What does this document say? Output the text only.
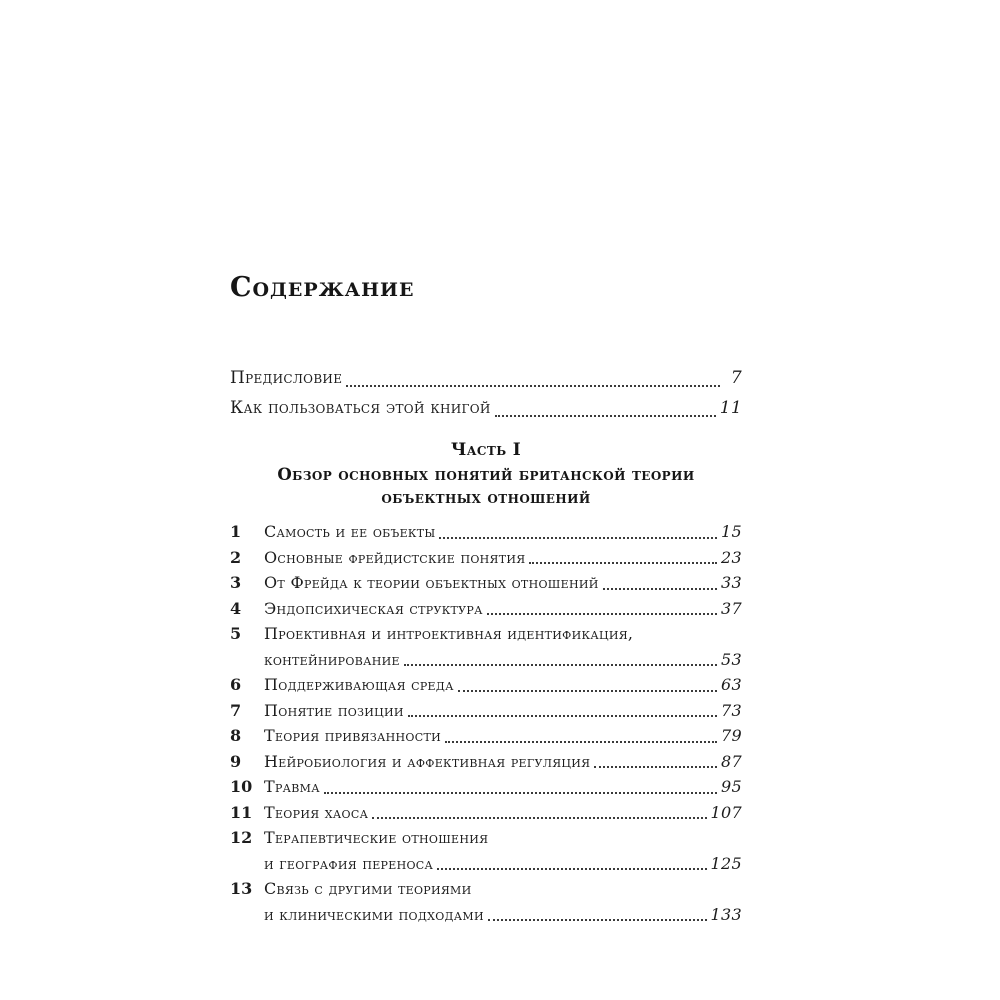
Содержание
Предисловие	7
Как пользоваться этой книгой	11
Часть I
Обзор основных понятий британской теории
объектных отношений
1	Самость и ее объекты	15
2	Основные фрейдистские понятия	23
3	От Фрейда к теории объектных отношений	33
4	Эндопсихическая структура	37
5	Проективная и интроективная идентификация,
контейнирование	53
6	Поддерживающая среда	63
7	Понятие позиции	73
8	Теория привязанности	79
9	Нейробиология и аффективная регуляция	87
10 Травма	95
11 Теория хаоса	107
12 Терапевтические отношения
и география переноса	125
13 Связь с другими теориями
и клиническими подходами	133
